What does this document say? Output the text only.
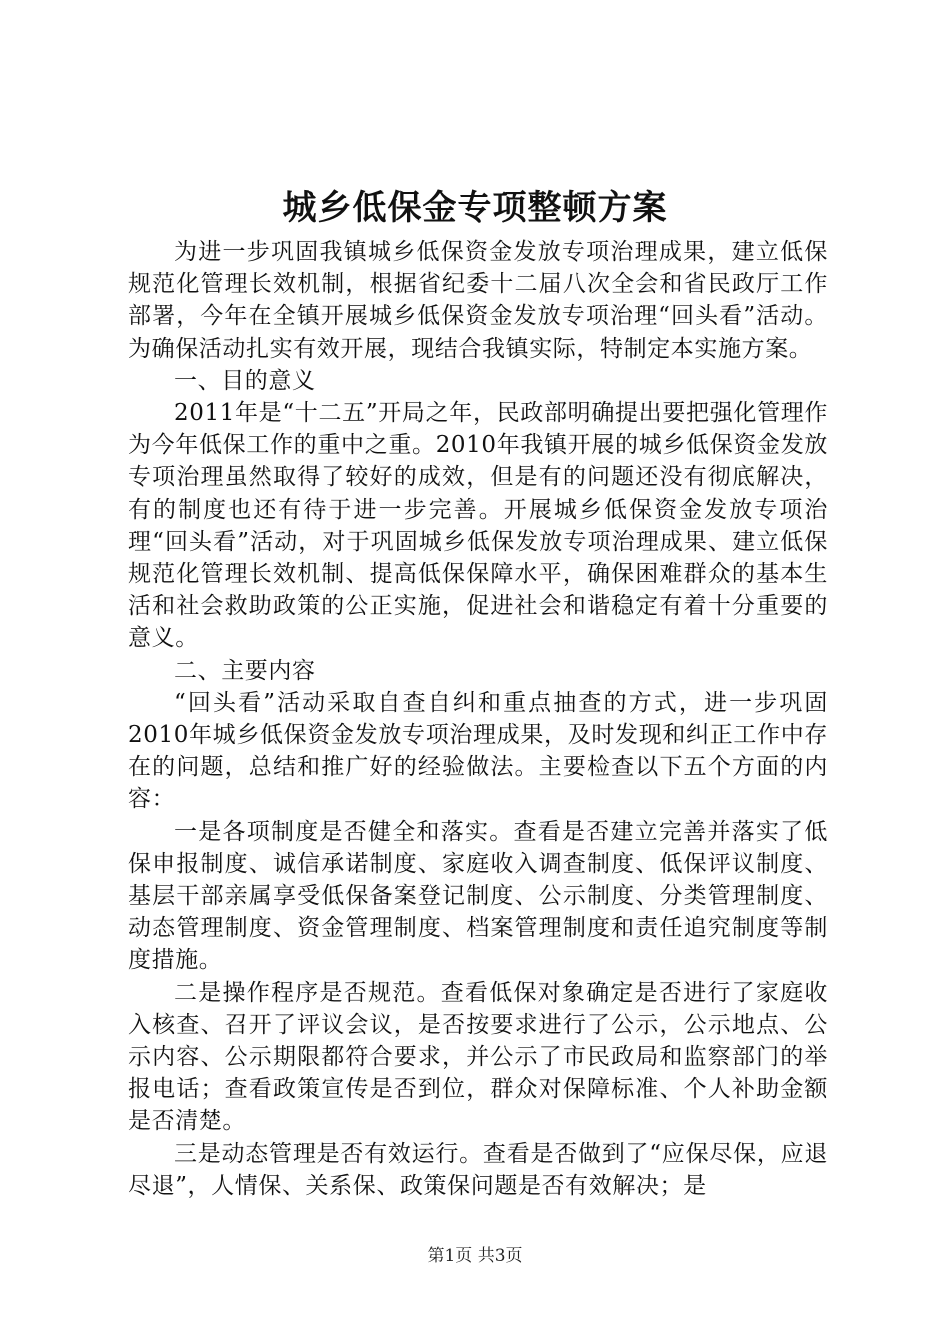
城乡低保金专项整顿方案

为进一步巩固我镇城乡低保资金发放专项治理成果，建立低保规范化管理长效机制，根据省纪委十二届八次全会和省民政厅工作部署，今年在全镇开展城乡低保资金发放专项治理“回头看”活动。为确保活动扎实有效开展，现结合我镇实际，特制定本实施方案。

一、目的意义

2011年是“十二五”开局之年，民政部明确提出要把强化管理作为今年低保工作的重中之重。2010年我镇开展的城乡低保资金发放专项治理虽然取得了较好的成效，但是有的问题还没有彻底解决，有的制度也还有待于进一步完善。开展城乡低保资金发放专项治理“回头看”活动，对于巩固城乡低保发放专项治理成果、建立低保规范化管理长效机制、提高低保保障水平，确保困难群众的基本生活和社会救助政策的公正实施，促进社会和谐稳定有着十分重要的意义。

二、主要内容

“回头看”活动采取自查自纠和重点抽查的方式，进一步巩固2010年城乡低保资金发放专项治理成果，及时发现和纠正工作中存在的问题，总结和推广好的经验做法。主要检查以下五个方面的内容：

一是各项制度是否健全和落实。查看是否建立完善并落实了低保申报制度、诚信承诺制度、家庭收入调查制度、低保评议制度、基层干部亲属享受低保备案登记制度、公示制度、分类管理制度、动态管理制度、资金管理制度、档案管理制度和责任追究制度等制度措施。

二是操作程序是否规范。查看低保对象确定是否进行了家庭收入核查、召开了评议会议，是否按要求进行了公示，公示地点、公示内容、公示期限都符合要求，并公示了市民政局和监察部门的举报电话；查看政策宣传是否到位，群众对保障标准、个人补助金额是否清楚。

三是动态管理是否有效运行。查看是否做到了“应保尽保，应退尽退”，人情保、关系保、政策保问题是否有效解决；是

第1页 共3页
